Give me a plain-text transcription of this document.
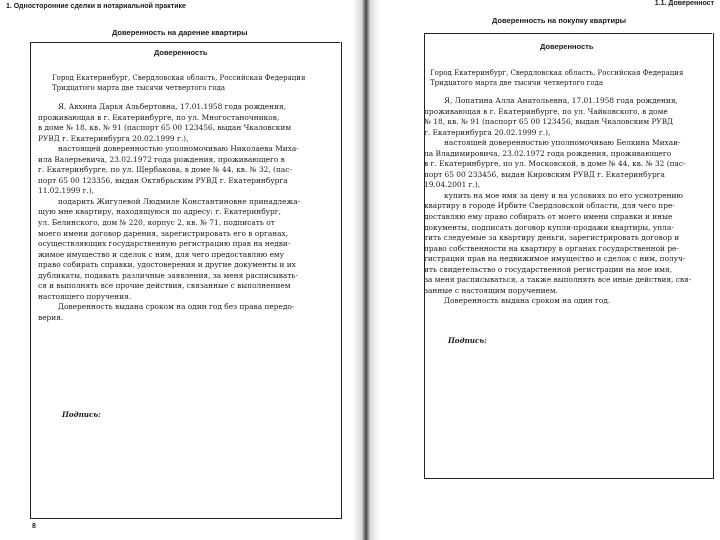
1. Односторонние сделки в нотариальной практике
Доверенность на дарение квартиры
Доверенность
Город Екатеринбург, Свердловская область, Российская Федерация
Тридцатого марта две тысячи четвертого года
Я, Авхина Дарья Альбертовна, 17.01.1958 года рождения,
проживающая в г. Екатеринбурге, по ул. Многостаночников,
в доме № 18, кв. № 91 (паспорт 65 00 123456, выдан Чкаловским
РУВД г. Екатеринбурга 20.02.1999 г.),
настоящей доверенностью уполномочиваю Николаева Миха-
ила Валерьевича, 23.02.1972 года рождения, проживающего в
г. Екатеринбурге, по ул. Щербакова, в доме № 44, кв. № 32, (пас-
порт 65 00 123356, выдан Октябрьским РУВД г. Екатеринбурга
11.02.1999 г.),
подарить Жигулевой Людмиле Константиновне принадлежа-
щую мне квартиру, находящуюся по адресу: г. Екатеринбург,
ул. Белинского, дом № 220, корпус 2, кв. № 71, подписать от
моего имени договор дарения, зарегистрировать его в органах,
осуществляющих государственную регистрацию прав на недви-
жимое имущество и сделок с ним, для чего предоставляю ему
право собирать справки, удостоверения и другие документы и их
дубликаты, подавать различные заявления, за меня расписывать-
ся и выполнять все прочие действия, связанные с выполнением
настоящего поручения.
Доверенность выдана сроком на один год без права передо-
верия.
Подпись:
8
1.1. Доверенност
Доверенность на покупку квартиры
Доверенность
Город Екатеринбург, Свердловская область, Российская Федерация
Тридцатого марта две тысячи четвертого года
Я, Лопатина Алла Анатольевна, 17.01.1958 года рождения,
проживающая в г. Екатеринбурге, по ул. Чайковского, в доме
№ 18, кв. № 91 (паспорт 65 00 123456, выдан Чкаловским РУВД
г. Екатеринбурга 20.02.1999 г.),
настоящей доверенностью уполномочиваю Белкина Михаи-
ла Владимировича, 23.02.1972 года рождения, проживающего
в г. Екатеринбурге, по ул. Московской, в доме № 44, кв. № 32 (пас-
порт 65 00 233456, выдан Кировским РУВД г. Екатеринбурга
19.04.2001 г.),
купить на мое имя за цену и на условиях по его усмотрению
квартиру в городе Ирбите Свердловской области, для чего пре-
доставляю ему право собирать от моего имени справки и иные
документы, подписать договор купли-продажи квартиры, упла-
тить следуемые за квартиру деньги, зарегистрировать договор и
право собственности на квартиру в органах государственной ре-
гистрации прав на недвижимое имущество и сделок с ним, получ-
ить свидетельство о государственной регистрации на мое имя,
за меня расписываться, а также выполнять все иные действия, свя-
занные с настоящим поручением.
Доверенность выдана сроком на один год.
Подпись:
